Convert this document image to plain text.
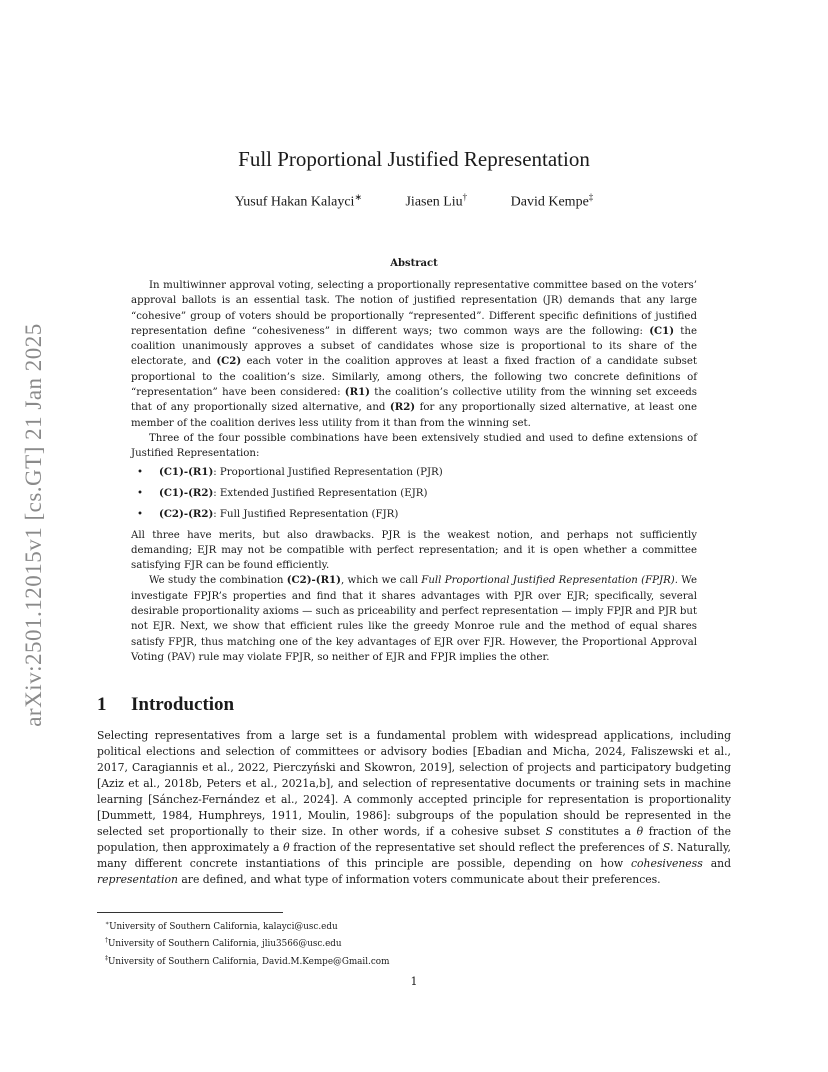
arXiv:2501.12015v1 [cs.GT] 21 Jan 2025
Full Proportional Justified Representation
Yusuf Hakan Kalayci∗	Jiasen Liu†	David Kempe‡
Abstract

In multiwinner approval voting, selecting a proportionally representative committee based on the voters’ approval ballots is an essential task. The notion of justified representation (JR) demands that any large “cohesive” group of voters should be proportionally “represented”. Different specific definitions of justified representation define “cohesiveness” in different ways; two common ways are the following: (C1) the coalition unanimously approves a subset of candidates whose size is proportional to its share of the electorate, and (C2) each voter in the coalition approves at least a fixed fraction of a candidate subset proportional to the coalition’s size. Similarly, among others, the following two concrete definitions of “representation” have been considered: (R1) the coalition’s collective utility from the winning set exceeds that of any proportionally sized alternative, and (R2) for any proportionally sized alternative, at least one member of the coalition derives less utility from it than from the winning set.

Three of the four possible combinations have been extensively studied and used to define extensions of Justified Representation:

• (C1)-(R1): Proportional Justified Representation (PJR)
• (C1)-(R2): Extended Justified Representation (EJR)
• (C2)-(R2): Full Justified Representation (FJR)

All three have merits, but also drawbacks. PJR is the weakest notion, and perhaps not sufficiently demanding; EJR may not be compatible with perfect representation; and it is open whether a committee satisfying FJR can be found efficiently.

We study the combination (C2)-(R1), which we call Full Proportional Justified Representation (FPJR). We investigate FPJR’s properties and find that it shares advantages with PJR over EJR; specifically, several desirable proportionality axioms — such as priceability and perfect representation — imply FPJR and PJR but not EJR. Next, we show that efficient rules like the greedy Monroe rule and the method of equal shares satisfy FPJR, thus matching one of the key advantages of EJR over FJR. However, the Proportional Approval Voting (PAV) rule may violate FPJR, so neither of EJR and FPJR implies the other.

1 Introduction

Selecting representatives from a large set is a fundamental problem with widespread applications, including political elections and selection of committees or advisory bodies [Ebadian and Micha, 2024, Faliszewski et al., 2017, Caragiannis et al., 2022, Pierczyński and Skowron, 2019], selection of projects and participatory budgeting [Aziz et al., 2018b, Peters et al., 2021a,b], and selection of representative documents or training sets in machine learning [Sánchez-Fernández et al., 2024]. A commonly accepted principle for representation is proportionality [Dummett, 1984, Humphreys, 1911, Moulin, 1986]: subgroups of the population should be represented in the selected set proportionally to their size. In other words, if a cohesive subset S constitutes a θ fraction of the population, then approximately a θ fraction of the representative set should reflect the preferences of S. Naturally, many different concrete instantiations of this principle are possible, depending on how cohesiveness and representation are defined, and what type of information voters communicate about their preferences.

∗University of Southern California, kalayci@usc.edu
†University of Southern California, jliu3566@usc.edu
‡University of Southern California, David.M.Kempe@Gmail.com
1
